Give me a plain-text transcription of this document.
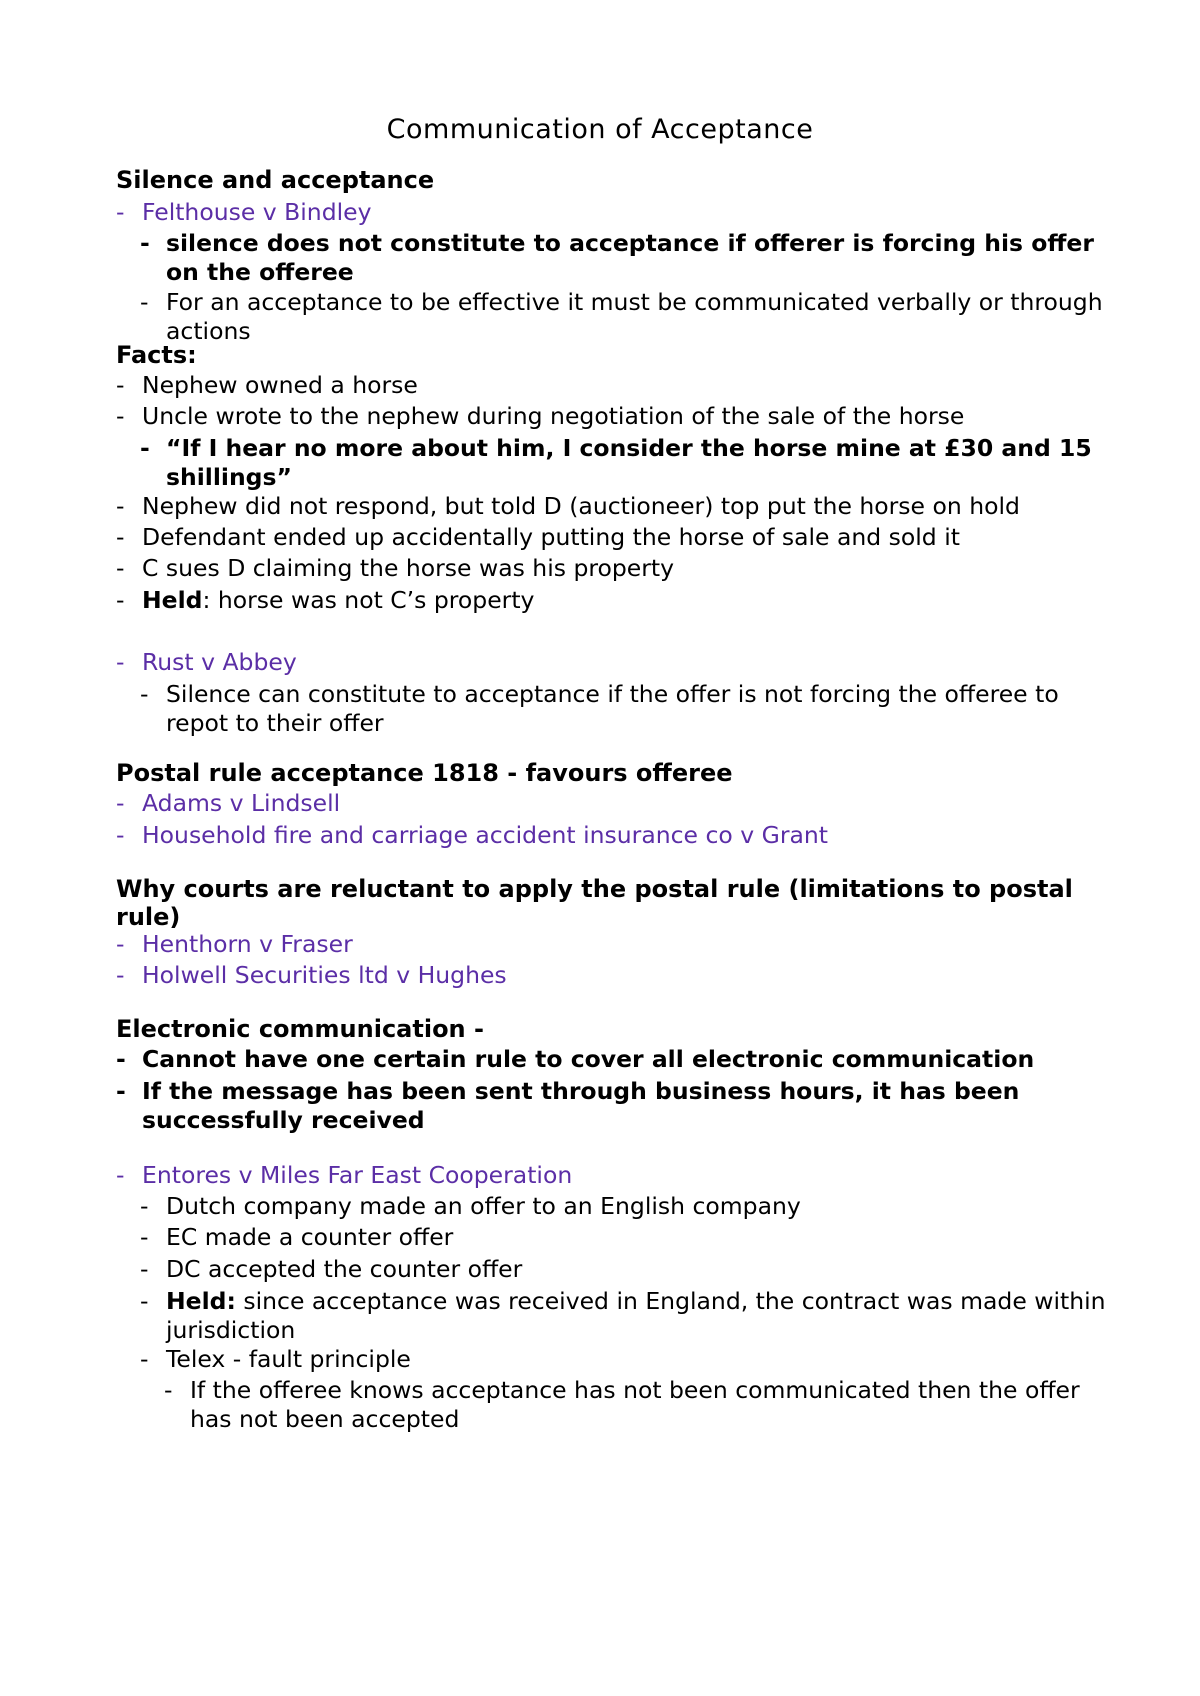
Communication of Acceptance
Silence and acceptance
- Felthouse v Bindley
- silence does not constitute to acceptance if offerer is forcing his offer on the offeree
- For an acceptance to be effective it must be communicated verbally or through actions
Facts:
- Nephew owned a horse
- Uncle wrote to the nephew during negotiation of the sale of the horse
- “If I hear no more about him, I consider the horse mine at £30 and 15 shillings”
- Nephew did not respond, but told D (auctioneer) top put the horse on hold
- Defendant ended up accidentally putting the horse of sale and sold it
- C sues D claiming the horse was his property
- Held: horse was not C’s property
- Rust v Abbey
- Silence can constitute to acceptance if the offer is not forcing the offeree to repot to their offer
Postal rule acceptance 1818 - favours offeree
- Adams v Lindsell
- Household fire and carriage accident insurance co v Grant
Why courts are reluctant to apply the postal rule (limitations to postal rule)
- Henthorn v Fraser
- Holwell Securities ltd v Hughes
Electronic communication -
- Cannot have one certain rule to cover all electronic communication
- If the message has been sent through business hours, it has been successfully received
- Entores v Miles Far East Cooperation
- Dutch company made an offer to an English company
- EC made a counter offer
- DC accepted the counter offer
- Held: since acceptance was received in England, the contract was made within jurisdiction
- Telex - fault principle
- If the offeree knows acceptance has not been communicated then the offer has not been accepted
